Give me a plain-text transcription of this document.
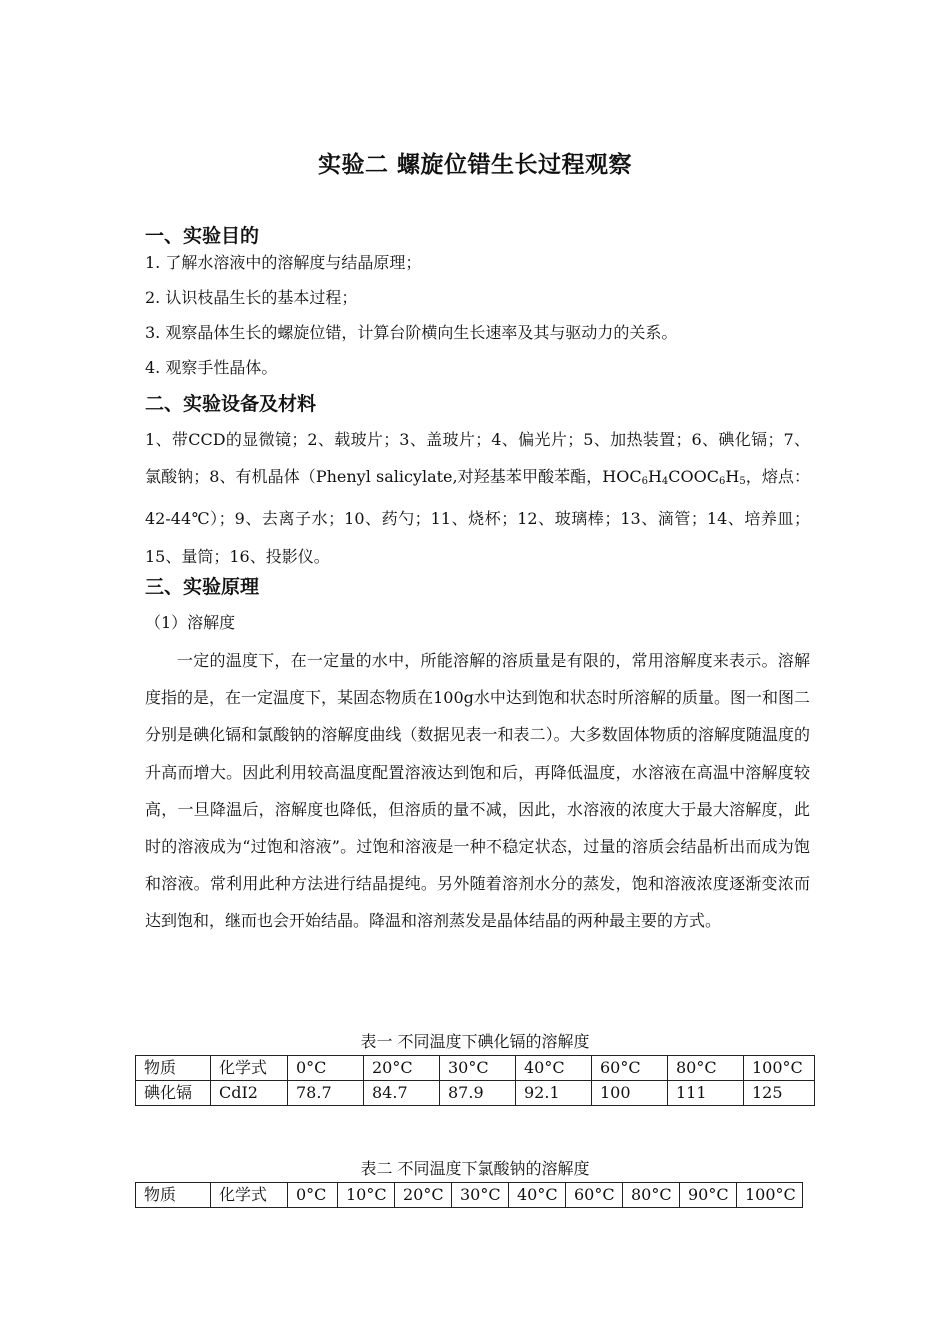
实验二 螺旋位错生长过程观察
一、实验目的
1. 了解水溶液中的溶解度与结晶原理；
2. 认识枝晶生长的基本过程；
3. 观察晶体生长的螺旋位错，计算台阶横向生长速率及其与驱动力的关系。
4. 观察手性晶体。
二、实验设备及材料

1、带CCD的显微镜；2、载玻片；3、盖玻片；4、偏光片；5、加热装置；6、碘化镉；7、氯酸钠；8、有机晶体（Phenyl salicylate,对羟基苯甲酸苯酯，$HOC_6H_4COOC_6H_5$，熔点：42-44℃）；9、去离子水；10、药勺；11、烧杯；12、玻璃棒；13、滴管；14、培养皿；15、量筒；16、投影仪。

三、实验原理
（1）溶解度

一定的温度下，在一定量的水中，所能溶解的溶质量是有限的，常用溶解度来表示。溶解度指的是，在一定温度下，某固态物质在100g水中达到饱和状态时所溶解的质量。图一和图二分别是碘化镉和氯酸钠的溶解度曲线（数据见表一和表二）。大多数固体物质的溶解度随温度的升高而增大。因此利用较高温度配置溶液达到饱和后，再降低温度，水溶液在高温中溶解度较高，一旦降温后，溶解度也降低，但溶质的量不减，因此，水溶液的浓度大于最大溶解度，此时的溶液成为“过饱和溶液”。过饱和溶液是一种不稳定状态，过量的溶质会结晶析出而成为饱和溶液。常利用此种方法进行结晶提纯。另外随着溶剂水分的蒸发，饱和溶液浓度逐渐变浓而达到饱和，继而也会开始结晶。降温和溶剂蒸发是晶体结晶的两种最主要的方式。

表一 不同温度下碘化镉的溶解度
物质	化学式	0°C	20°C	30°C	40°C	60°C	80°C	100°C
碘化镉	CdI2	78.7	84.7	87.9	92.1	100	111	125
表二 不同温度下氯酸钠的溶解度
物质	化学式	0°C	10°C	20°C	30°C	40°C	60°C	80°C	90°C	100°C
